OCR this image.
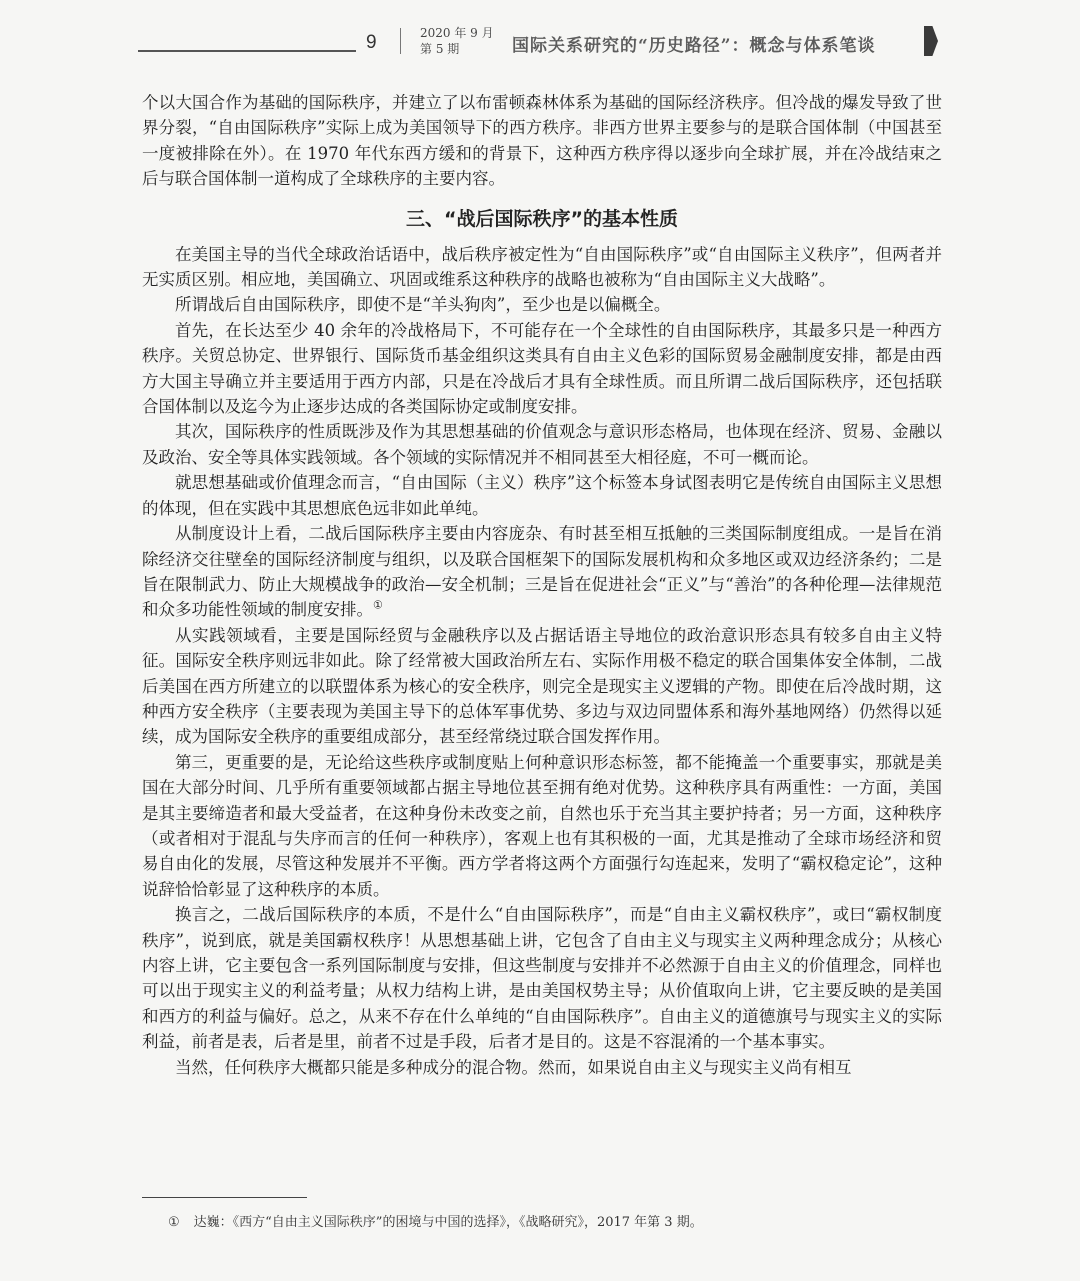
9	2020 年 9 月
第 5 期	国际关系研究的“历史路径”：概念与体系笔谈

个以大国合作为基础的国际秩序，并建立了以布雷顿森林体系为基础的国际经济秩序。但冷战的爆发导致了世界分裂，“自由国际秩序”实际上成为美国领导下的西方秩序。非西方世界主要参与的是联合国体制（中国甚至一度被排除在外）。在 1970 年代东西方缓和的背景下，这种西方秩序得以逐步向全球扩展，并在冷战结束之后与联合国体制一道构成了全球秩序的主要内容。

三、“战后国际秩序”的基本性质

在美国主导的当代全球政治话语中，战后秩序被定性为“自由国际秩序”或“自由国际主义秩序”，但两者并无实质区别。相应地，美国确立、巩固或维系这种秩序的战略也被称为“自由国际主义大战略”。

所谓战后自由国际秩序，即使不是“羊头狗肉”，至少也是以偏概全。

首先，在长达至少 40 余年的冷战格局下，不可能存在一个全球性的自由国际秩序，其最多只是一种西方秩序。关贸总协定、世界银行、国际货币基金组织这类具有自由主义色彩的国际贸易金融制度安排，都是由西方大国主导确立并主要适用于西方内部，只是在冷战后才具有全球性质。而且所谓二战后国际秩序，还包括联合国体制以及迄今为止逐步达成的各类国际协定或制度安排。

其次，国际秩序的性质既涉及作为其思想基础的价值观念与意识形态格局，也体现在经济、贸易、金融以及政治、安全等具体实践领域。各个领域的实际情况并不相同甚至大相径庭，不可一概而论。

就思想基础或价值理念而言，“自由国际（主义）秩序”这个标签本身试图表明它是传统自由国际主义思想的体现，但在实践中其思想底色远非如此单纯。

从制度设计上看，二战后国际秩序主要由内容庞杂、有时甚至相互抵触的三类国际制度组成。一是旨在消除经济交往壁垒的国际经济制度与组织，以及联合国框架下的国际发展机构和众多地区或双边经济条约；二是旨在限制武力、防止大规模战争的政治—安全机制；三是旨在促进社会“正义”与“善治”的各种伦理—法律规范和众多功能性领域的制度安排。①

从实践领域看，主要是国际经贸与金融秩序以及占据话语主导地位的政治意识形态具有较多自由主义特征。国际安全秩序则远非如此。除了经常被大国政治所左右、实际作用极不稳定的联合国集体安全体制，二战后美国在西方所建立的以联盟体系为核心的安全秩序，则完全是现实主义逻辑的产物。即使在后冷战时期，这种西方安全秩序（主要表现为美国主导下的总体军事优势、多边与双边同盟体系和海外基地网络）仍然得以延续，成为国际安全秩序的重要组成部分，甚至经常绕过联合国发挥作用。

第三，更重要的是，无论给这些秩序或制度贴上何种意识形态标签，都不能掩盖一个重要事实，那就是美国在大部分时间、几乎所有重要领域都占据主导地位甚至拥有绝对优势。这种秩序具有两重性：一方面，美国是其主要缔造者和最大受益者，在这种身份未改变之前，自然也乐于充当其主要护持者；另一方面，这种秩序（或者相对于混乱与失序而言的任何一种秩序），客观上也有其积极的一面，尤其是推动了全球市场经济和贸易自由化的发展，尽管这种发展并不平衡。西方学者将这两个方面强行勾连起来，发明了“霸权稳定论”，这种说辞恰恰彰显了这种秩序的本质。

换言之，二战后国际秩序的本质，不是什么“自由国际秩序”，而是“自由主义霸权秩序”，或曰“霸权制度秩序”，说到底，就是美国霸权秩序！从思想基础上讲，它包含了自由主义与现实主义两种理念成分；从核心内容上讲，它主要包含一系列国际制度与安排，但这些制度与安排并不必然源于自由主义的价值理念，同样也可以出于现实主义的利益考量；从权力结构上讲，是由美国权势主导；从价值取向上讲，它主要反映的是美国和西方的利益与偏好。总之，从来不存在什么单纯的“自由国际秩序”。自由主义的道德旗号与现实主义的实际利益，前者是表，后者是里，前者不过是手段，后者才是目的。这是不容混淆的一个基本事实。

当然，任何秩序大概都只能是多种成分的混合物。然而，如果说自由主义与现实主义尚有相互

① 达巍：《西方“自由主义国际秩序”的困境与中国的选择》，《战略研究》，2017 年第 3 期。
